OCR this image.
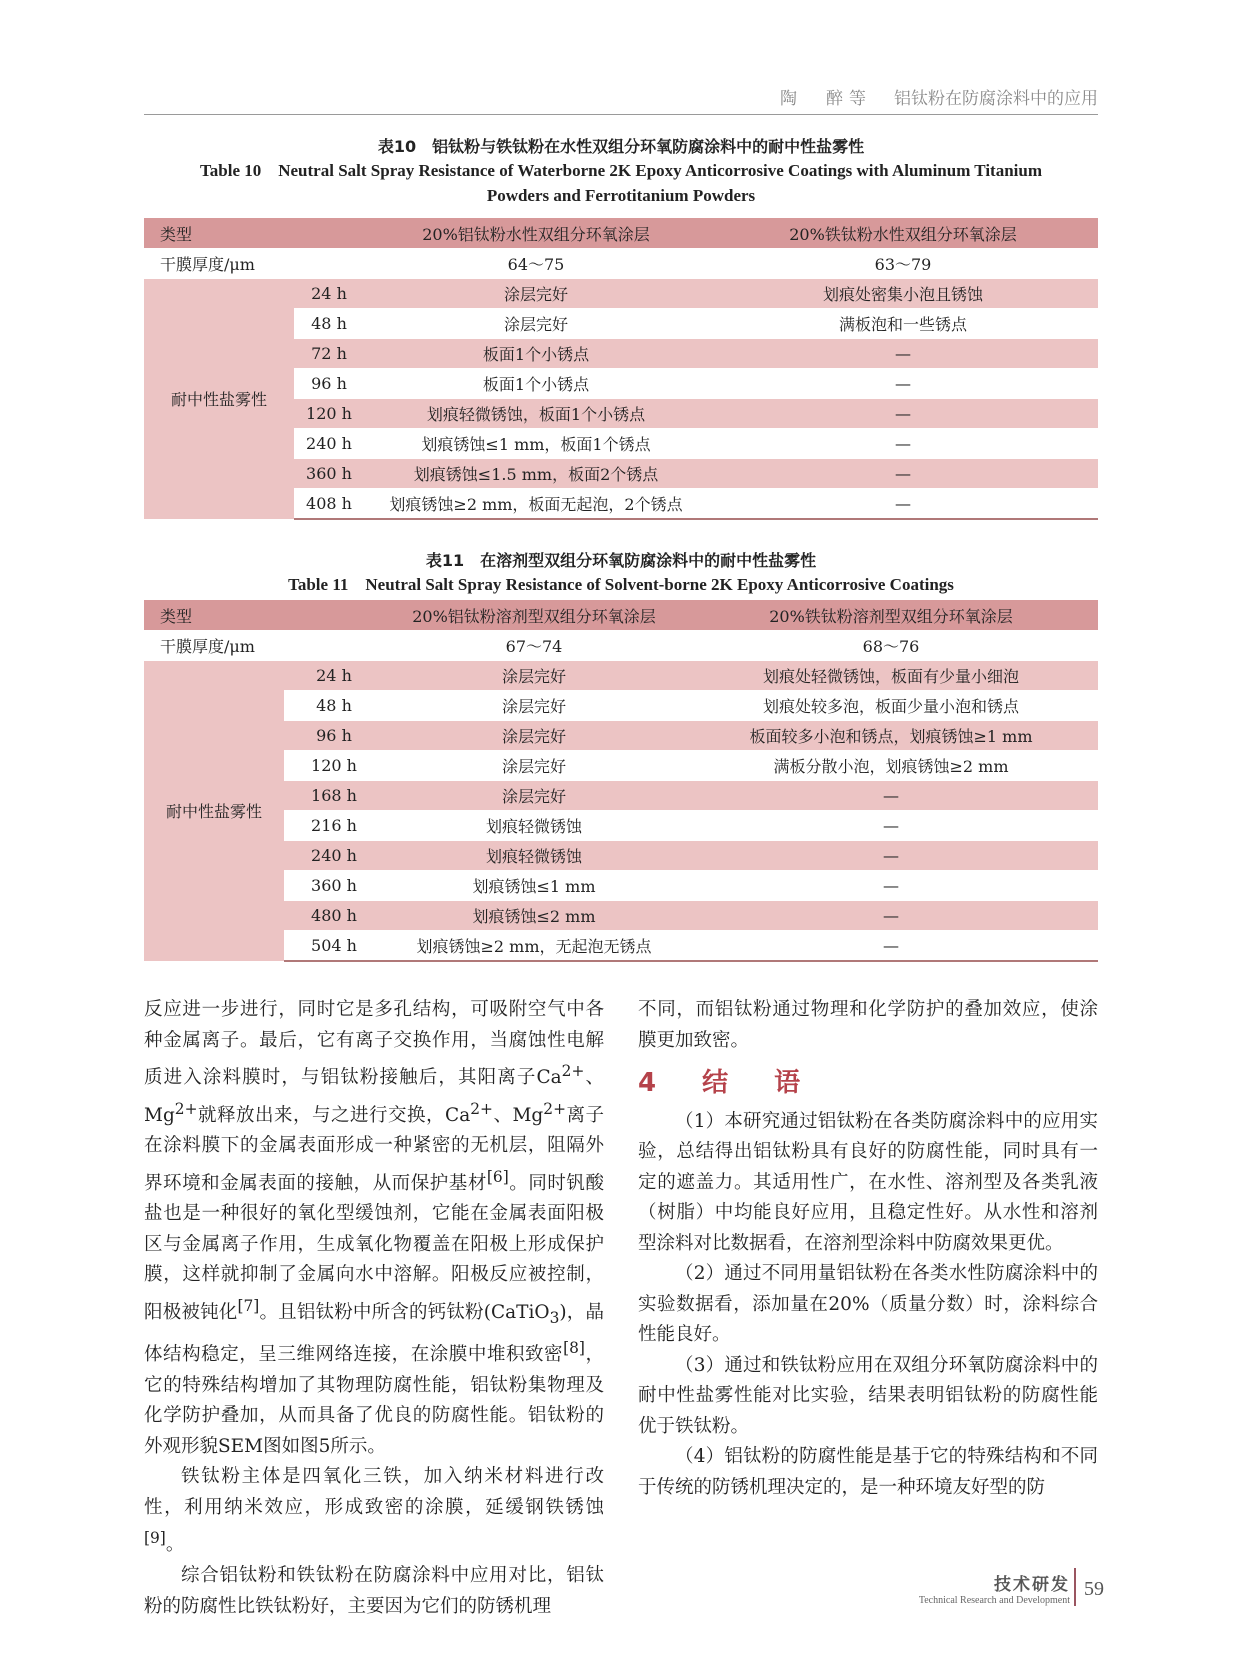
陶　醉等 铝钛粉在防腐涂料中的应用
表10　铝钛粉与铁钛粉在水性双组分环氧防腐涂料中的耐中性盐雾性
Table 10　Neutral Salt Spray Resistance of Waterborne 2K Epoxy Anticorrosive Coatings with Aluminum Titanium
Powders and Ferrotitanium Powders
类型		20%铝钛粉水性双组分环氧涂层	20%铁钛粉水性双组分环氧涂层
干膜厚度/μm		64～75	63～79
耐中性盐雾性	24 h	涂层完好	划痕处密集小泡且锈蚀
	48 h	涂层完好	满板泡和一些锈点
	72 h	板面1个小锈点	—
	96 h	板面1个小锈点	—
	120 h	划痕轻微锈蚀，板面1个小锈点	—
	240 h	划痕锈蚀≤1 mm，板面1个锈点	—
	360 h	划痕锈蚀≤1.5 mm，板面2个锈点	—
	408 h	划痕锈蚀≥2 mm，板面无起泡，2个锈点	—
表11　在溶剂型双组分环氧防腐涂料中的耐中性盐雾性
Table 11　Neutral Salt Spray Resistance of Solvent-borne 2K Epoxy Anticorrosive Coatings
类型		20%铝钛粉溶剂型双组分环氧涂层	20%铁钛粉溶剂型双组分环氧涂层
干膜厚度/μm		67～74	68～76
耐中性盐雾性	24 h	涂层完好	划痕处轻微锈蚀，板面有少量小细泡
	48 h	涂层完好	划痕处较多泡，板面少量小泡和锈点
	96 h	涂层完好	板面较多小泡和锈点，划痕锈蚀≥1 mm
	120 h	涂层完好	满板分散小泡，划痕锈蚀≥2 mm
	168 h	涂层完好	—
	216 h	划痕轻微锈蚀	—
	240 h	划痕轻微锈蚀	—
	360 h	划痕锈蚀≤1 mm	—
	480 h	划痕锈蚀≤2 mm	—
	504 h	划痕锈蚀≥2 mm，无起泡无锈点	—

反应进一步进行，同时它是多孔结构，可吸附空气中各种金属离子。最后，它有离子交换作用，当腐蚀性电解质进入涂料膜时，与铝钛粉接触后，其阳离子$Ca^{2+}$、$Mg^{2+}$就释放出来，与之进行交换，$Ca^{2+}$、$Mg^{2+}$离子在涂料膜下的金属表面形成一种紧密的无机层，阻隔外界环境和金属表面的接触，从而保护基材[6]。同时钒酸盐也是一种很好的氧化型缓蚀剂，它能在金属表面阳极区与金属离子作用，生成氧化物覆盖在阳极上形成保护膜，这样就抑制了金属向水中溶解。阳极反应被控制，阳极被钝化[7]。且铝钛粉中所含的钙钛粉(CaTiO$_3$)，晶体结构稳定，呈三维网络连接，在涂膜中堆积致密[8]，它的特殊结构增加了其物理防腐性能，铝钛粉集物理及化学防护叠加，从而具备了优良的防腐性能。铝钛粉的外观形貌SEM图如图5所示。

铁钛粉主体是四氧化三铁，加入纳米材料进行改性，利用纳米效应，形成致密的涂膜，延缓钢铁锈蚀[9]。

综合铝钛粉和铁钛粉在防腐涂料中应用对比，铝钛粉的防腐性比铁钛粉好，主要因为它们的防锈机理

不同，而铝钛粉通过物理和化学防护的叠加效应，使涂膜更加致密。

4　结　语

（1）本研究通过铝钛粉在各类防腐涂料中的应用实验，总结得出铝钛粉具有良好的防腐性能，同时具有一定的遮盖力。其适用性广，在水性、溶剂型及各类乳液（树脂）中均能良好应用，且稳定性好。从水性和溶剂型涂料对比数据看，在溶剂型涂料中防腐效果更优。

（2）通过不同用量铝钛粉在各类水性防腐涂料中的实验数据看，添加量在20%（质量分数）时，涂料综合性能良好。

（3）通过和铁钛粉应用在双组分环氧防腐涂料中的耐中性盐雾性能对比实验，结果表明铝钛粉的防腐性能优于铁钛粉。

（4）铝钛粉的防腐性能是基于它的特殊结构和不同于传统的防锈机理决定的，是一种环境友好型的防

技术研发
Technical Research and Development
59
